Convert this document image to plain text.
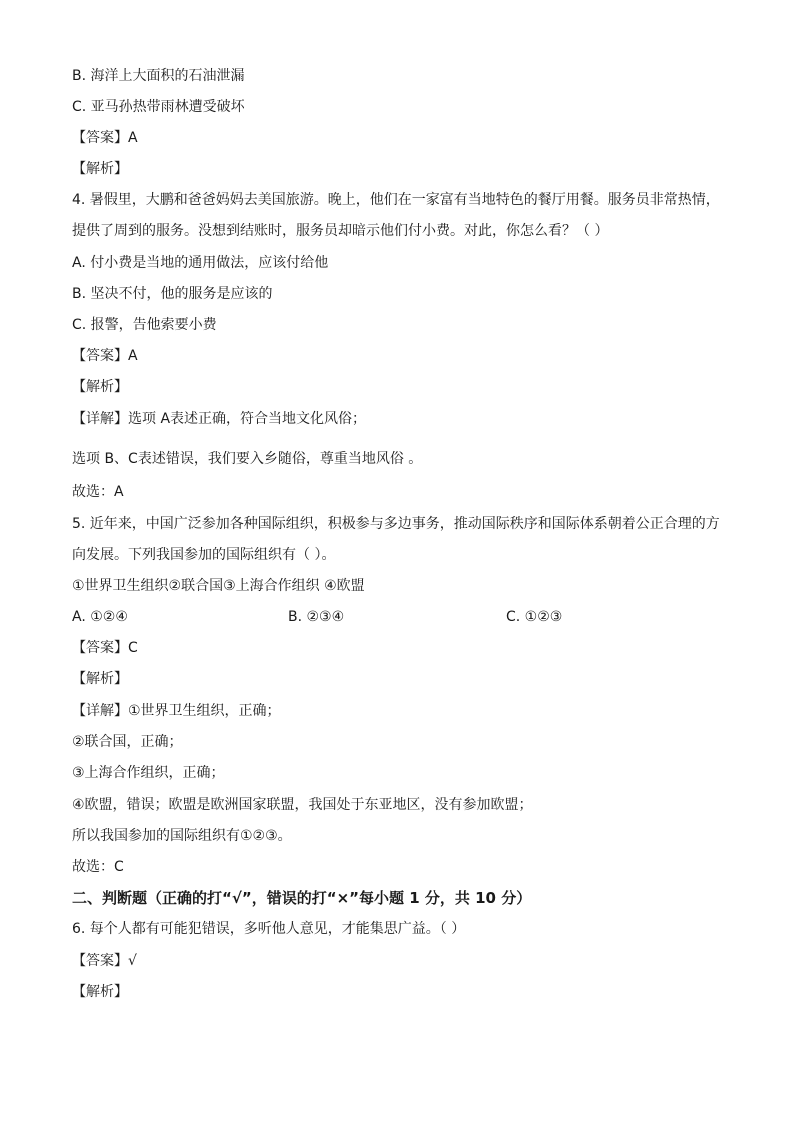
B. 海洋上大面积的石油泄漏
C. 亚马孙热带雨林遭受破坏
【答案】A
【解析】
4. 暑假里，大鹏和爸爸妈妈去美国旅游。晚上，他们在一家富有当地特色的餐厅用餐。服务员非常热情，
提供了周到的服务。没想到结账时，服务员却暗示他们付小费。对此，你怎么看？（ ）
A. 付小费是当地的通用做法，应该付给他
B. 坚决不付，他的服务是应该的
C. 报警，告他索要小费
【答案】A
【解析】
【详解】选项 A表述正确，符合当地文化风俗；
选项 B、C表述错误，我们要入乡随俗，尊重当地风俗 。
故选：A
5. 近年来，中国广泛参加各种国际组织，积极参与多边事务，推动国际秩序和国际体系朝着公正合理的方
向发展。下列我国参加的国际组织有（ ）。
①世界卫生组织②联合国③上海合作组织 ④欧盟
A. ①②④	B. ②③④	C. ①②③
【答案】C
【解析】
【详解】①世界卫生组织，正确；
②联合国，正确；
③上海合作组织，正确；
④欧盟，错误；欧盟是欧洲国家联盟，我国处于东亚地区，没有参加欧盟；
所以我国参加的国际组织有①②③。
故选：C
二、判断题（正确的打“√”，错误的打“×”每小题 1 分，共 10 分）
6. 每个人都有可能犯错误，多听他人意见，才能集思广益。（ ）
【答案】√
【解析】
